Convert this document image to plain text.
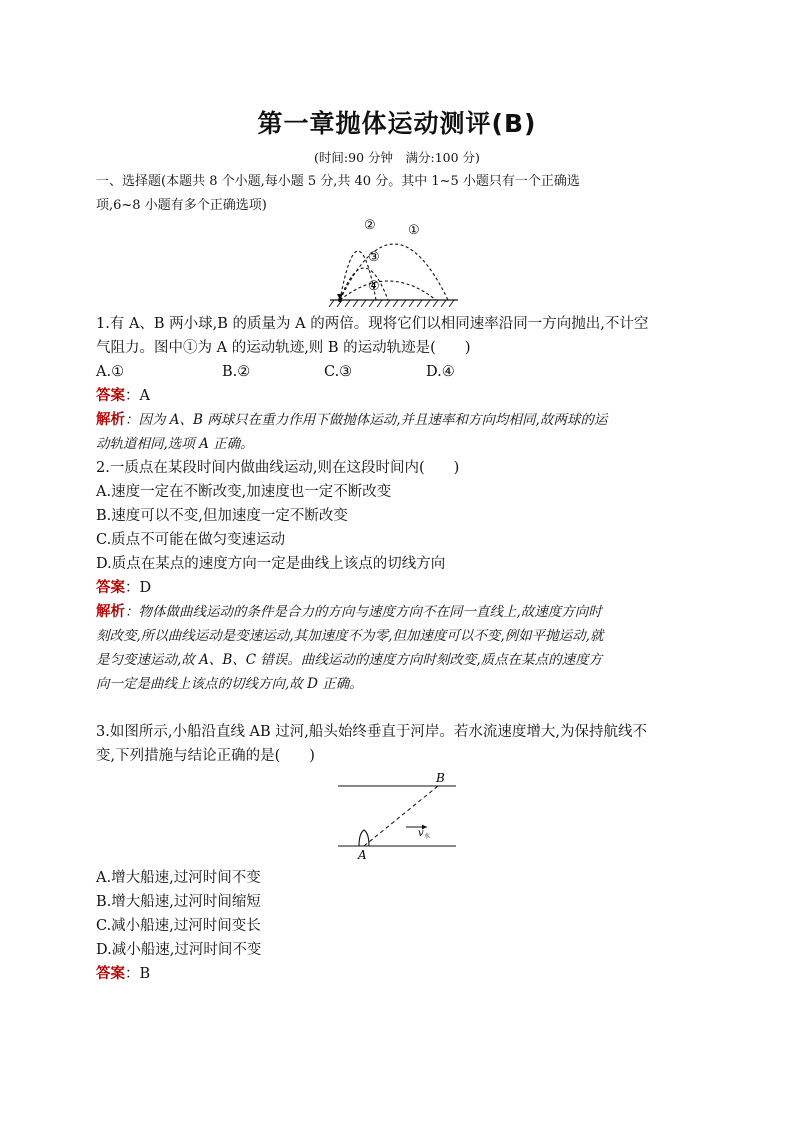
第一章抛体运动测评(B)
(时间:90 分钟　满分:100 分)
一、选择题(本题共 8 个小题,每小题 5 分,共 40 分。其中 1~5 小题只有一个正确选
项,6~8 小题有多个正确选项)
①
②
③
④
1.有 A、B 两小球,B 的质量为 A 的两倍。现将它们以相同速率沿同一方向抛出,不计空
气阻力。图中①为 A 的运动轨迹,则 B 的运动轨迹是(　　)
A.①	B.②	C.③	D.④
答案：A
解析：因为 A、B 两球只在重力作用下做抛体运动,并且速率和方向均相同,故两球的运
动轨道相同,选项 A 正确。
2.一质点在某段时间内做曲线运动,则在这段时间内(　　)
A.速度一定在不断改变,加速度也一定不断改变
B.速度可以不变,但加速度一定不断改变
C.质点不可能在做匀变速运动
D.质点在某点的速度方向一定是曲线上该点的切线方向
答案：D
解析：物体做曲线运动的条件是合力的方向与速度方向不在同一直线上,故速度方向时
刻改变,所以曲线运动是变速运动,其加速度不为零,但加速度可以不变,例如平抛运动,就
是匀变速运动,故 A、B、C 错误。曲线运动的速度方向时刻改变,质点在某点的速度方
向一定是曲线上该点的切线方向,故 D 正确。
3.如图所示,小船沿直线 AB 过河,船头始终垂直于河岸。若水流速度增大,为保持航线不
变,下列措施与结论正确的是(　　)
B
A
v 水
A.增大船速,过河时间不变
B.增大船速,过河时间缩短
C.减小船速,过河时间变长
D.减小船速,过河时间不变
答案：B
